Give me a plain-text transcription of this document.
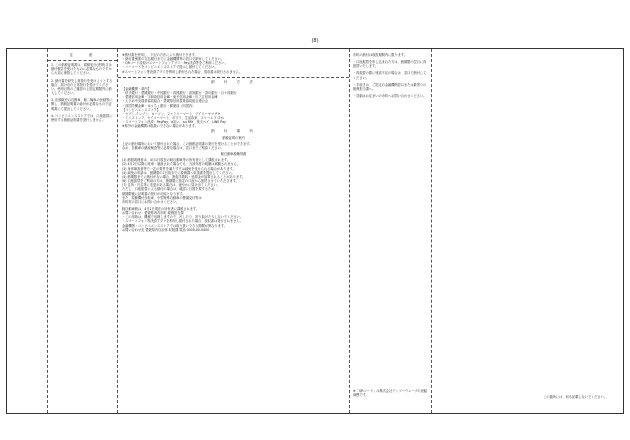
(8)
注　　意
1. この納税証明書は、滞納処分(差押)又は納付催告を受けたものに必要なものですから大切に保管してください。
2. 納付書を紛失し再発行を受けようとする場合、届け出の上再発行を受けてください。使用目的のご確認の上指定期限内に納入してください。
3. 店頭販売の自動車、軽二輪車の登録等に関し、納税証明書の添付が必要なもので証明書にて提出してください。
4. コンビニエンスストアでは、口座振替に使用する納税証明書を発行しません。

※納付書を使用し、下記の方法により納付できます。

・納付書裏面の支払期日までに金融機関等の窓口で納付してください。

・QRコード読取のスマートフォンアプリ・Pay決済等をご利用ください。

・バーコードをコンビニエンスストアで提示し納付してください。

※スマートフォン等決済アプリを利用し納付された場合、領収書は発行されません。

納　付　方　法

【金融機関・県内】

・伊予銀行・愛媛銀行・中国銀行・四国銀行・高知銀行・香川銀行・百十四銀行

・愛媛信用金庫・宇和島信用金庫・東予信用金庫・川之江信用金庫

・えひめ中央農業協同組合・愛媛県信用農業協同組合連合会

・四国労働金庫・ゆうちょ銀行・郵便局（四国内）

【コンビニエンスストア】

・セブン-イレブン、ローソン、ファミリーマート、デイリーヤマザキ

・ミニストップ、セイコーマート、ポプラ、生活彩家、スリーエフ ほか

・スマートフォン決済：PayPay、d払い、au PAY、楽天ペイ、LINE Pay

※県外の金融機関は取扱いできない場合があります。

納　付　場　所
納税証明の案内

上記の納付場所において納付された場合、この納税証明書の発行を受けることができます。

なお、自動車の継続検査等に必要な場合は、窓口までご相談ください。

軽自動車税種別割

(1) 納税義務者は、4月1日現在の軽自動車等の所有者として課税されます。

(2) 4月2日以降に廃車・譲渡された場合でも、当該年度の税額は減額されません。

(3) 身体障害者等で一定の要件を満たす方は減免を受けられる場合があります。

(4) 減免の申請は、納期限の7日前までに税務課へ申請書を提出してください。

(5) 納期限までに納付がない場合、督促手数料・延滞金が加算されることがあります。

(6) 口座振替をご利用の方は、納期限に指定の口座から振替させていただきます。

(7) 住所・氏名等に変更がある場合は、速やかに届け出てください。

ただし、口座振替による納付の場合は、確認に日数を要するため、

納期限後に証明書の発行が可能となります。

また、原動機付自転車、小型特殊自動車の標識交付等は

市町村の窓口にお問い合わせください。

軽自動車税は、4月1日現在の所有者に課税されます。

お問い合わせ：愛媛県内各市町 税務担当課

・この用紙は、機械で処理しますので、汚したり、折り曲げたりしないでください。

・スマートフォン等決済アプリを利用し納付された場合、領収書は発行されません。

金融機関・コンビニエンスストアでは取り扱いできる期間が異なります。

お問い合わせ先 愛媛県内自治体 収税課 電話 0000-00-0000

市町の納付は取扱期間内に限ります。
・口座振替を申し込まれた方は、納期限の翌日に再振替いたします。
・再振替の際に残高不足の場合は、窓口で納付してください。
・手続きは、ご指定の金融機関窓口または最寄りの税務担当課へ。
・詳細はお住まいの市町へお問い合わせください。
※「QRコード」は株式会社デンソーウェーブの登録商標です。	この箇所には、何も記載しないでください。
